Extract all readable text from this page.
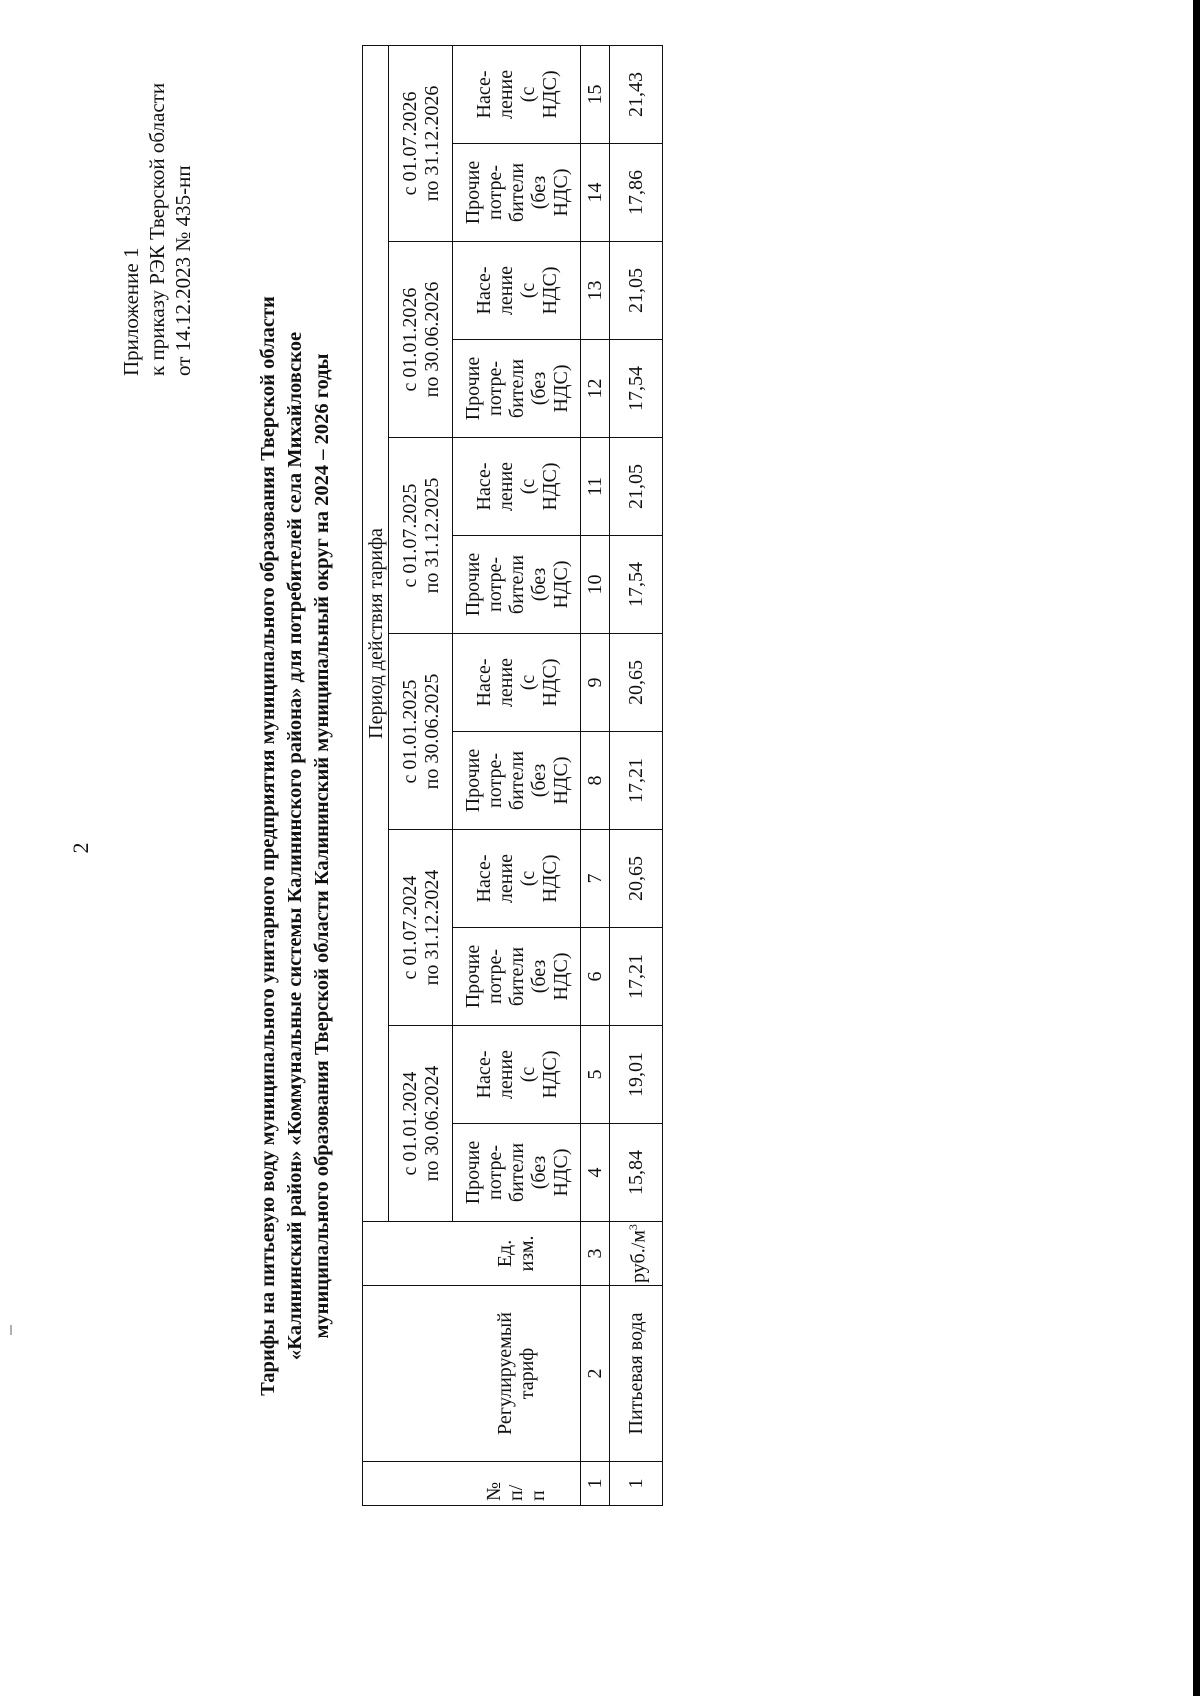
2
Приложение 1 к приказу РЭК Тверской области от 14.12.2023 № 435-нп
Тарифы на питьевую воду муниципального унитарного предприятия муниципального образования Тверской области «Калининский район» «Коммунальные системы Калининского района» для потребителей села Михайловское муниципального образования Тверской области Калининский муниципальный округ на 2024 – 2026 годы
			Период действия тарифа											

			с 01.01.2024 по 30.06.2024		с 01.07.2024 по 31.12.2024		с 01.01.2025 по 30.06.2025		с 01.07.2025 по 31.12.2025		с 01.01.2026 по 30.06.2026		с 01.07.2026 по 31.12.2026	

№ п/ п	Регулируемый тариф	Ед. изм.	Прочие потре- бители (без НДС)	Насе- ление (с НДС)	Прочие потре- бители (без НДС)	Насе- ление (с НДС)	Прочие потре- бители (без НДС)	Насе- ление (с НДС)	Прочие потре- бители (без НДС)	Насе- ление (с НДС)	Прочие потре- бители (без НДС)	Насе- лениe (с НДС)	Прочие потре- бители (без НДС)	Насе- ление (с НДС)

1	2	3	4	5	6	7	8	9	10	11	12	13	14	15
1	Питьевая вода	$руб./м^3$	15,84	19,01	17,21	20,65	17,21	20,65	17,54	21,05	17,54	21,05	17,86	21,43
